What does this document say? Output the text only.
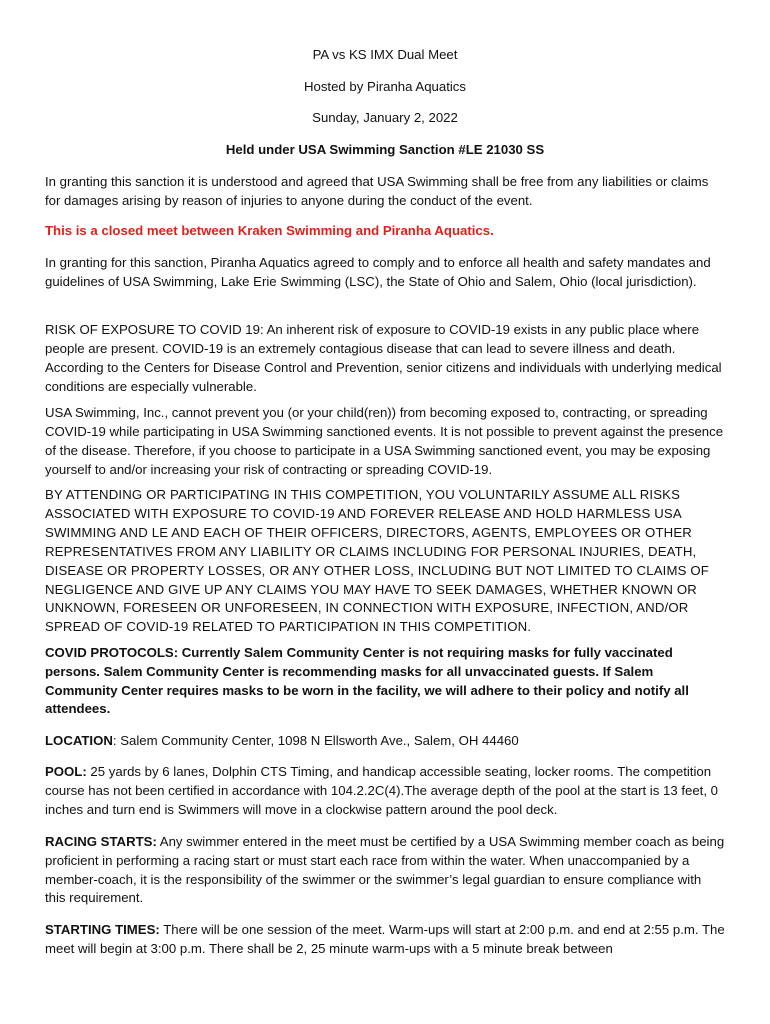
PA vs KS IMX Dual Meet
Hosted by Piranha Aquatics
Sunday, January 2, 2022
Held under USA Swimming Sanction #LE 21030 SS

In granting this sanction it is understood and agreed that USA Swimming shall be free from any liabilities or claims for damages arising by reason of injuries to anyone during the conduct of the event.

This is a closed meet between Kraken Swimming and Piranha Aquatics.

In granting for this sanction, Piranha Aquatics agreed to comply and to enforce all health and safety mandates and guidelines of USA Swimming, Lake Erie Swimming (LSC), the State of Ohio and Salem, Ohio (local jurisdiction).

RISK OF EXPOSURE TO COVID 19: An inherent risk of exposure to COVID-19 exists in any public place where people are present. COVID-19 is an extremely contagious disease that can lead to severe illness and death. According to the Centers for Disease Control and Prevention, senior citizens and individuals with underlying medical conditions are especially vulnerable.

USA Swimming, Inc., cannot prevent you (or your child(ren)) from becoming exposed to, contracting, or spreading COVID-19 while participating in USA Swimming sanctioned events. It is not possible to prevent against the presence of the disease. Therefore, if you choose to participate in a USA Swimming sanctioned event, you may be exposing yourself to and/or increasing your risk of contracting or spreading COVID-19.

BY ATTENDING OR PARTICIPATING IN THIS COMPETITION, YOU VOLUNTARILY ASSUME ALL RISKS ASSOCIATED WITH EXPOSURE TO COVID-19 AND FOREVER RELEASE AND HOLD HARMLESS USA SWIMMING AND LE AND EACH OF THEIR OFFICERS, DIRECTORS, AGENTS, EMPLOYEES OR OTHER REPRESENTATIVES FROM ANY LIABILITY OR CLAIMS INCLUDING FOR PERSONAL INJURIES, DEATH, DISEASE OR PROPERTY LOSSES, OR ANY OTHER LOSS, INCLUDING BUT NOT LIMITED TO CLAIMS OF NEGLIGENCE AND GIVE UP ANY CLAIMS YOU MAY HAVE TO SEEK DAMAGES, WHETHER KNOWN OR UNKNOWN, FORESEEN OR UNFORESEEN, IN CONNECTION WITH EXPOSURE, INFECTION, AND/OR SPREAD OF COVID-19 RELATED TO PARTICIPATION IN THIS COMPETITION.

COVID PROTOCOLS: Currently Salem Community Center is not requiring masks for fully vaccinated persons. Salem Community Center is recommending masks for all unvaccinated guests. If Salem Community Center requires masks to be worn in the facility, we will adhere to their policy and notify all attendees.

LOCATION: Salem Community Center, 1098 N Ellsworth Ave., Salem, OH 44460

POOL: 25 yards by 6 lanes, Dolphin CTS Timing, and handicap accessible seating, locker rooms. The competition course has not been certified in accordance with 104.2.2C(4).The average depth of the pool at the start is 13 feet, 0 inches and turn end is Swimmers will move in a clockwise pattern around the pool deck.

RACING STARTS: Any swimmer entered in the meet must be certified by a USA Swimming member coach as being proficient in performing a racing start or must start each race from within the water. When unaccompanied by a member-coach, it is the responsibility of the swimmer or the swimmer’s legal guardian to ensure compliance with this requirement.

STARTING TIMES: There will be one session of the meet. Warm-ups will start at 2:00 p.m. and end at 2:55 p.m. The meet will begin at 3:00 p.m. There shall be 2, 25 minute warm-ups with a 5 minute break between
